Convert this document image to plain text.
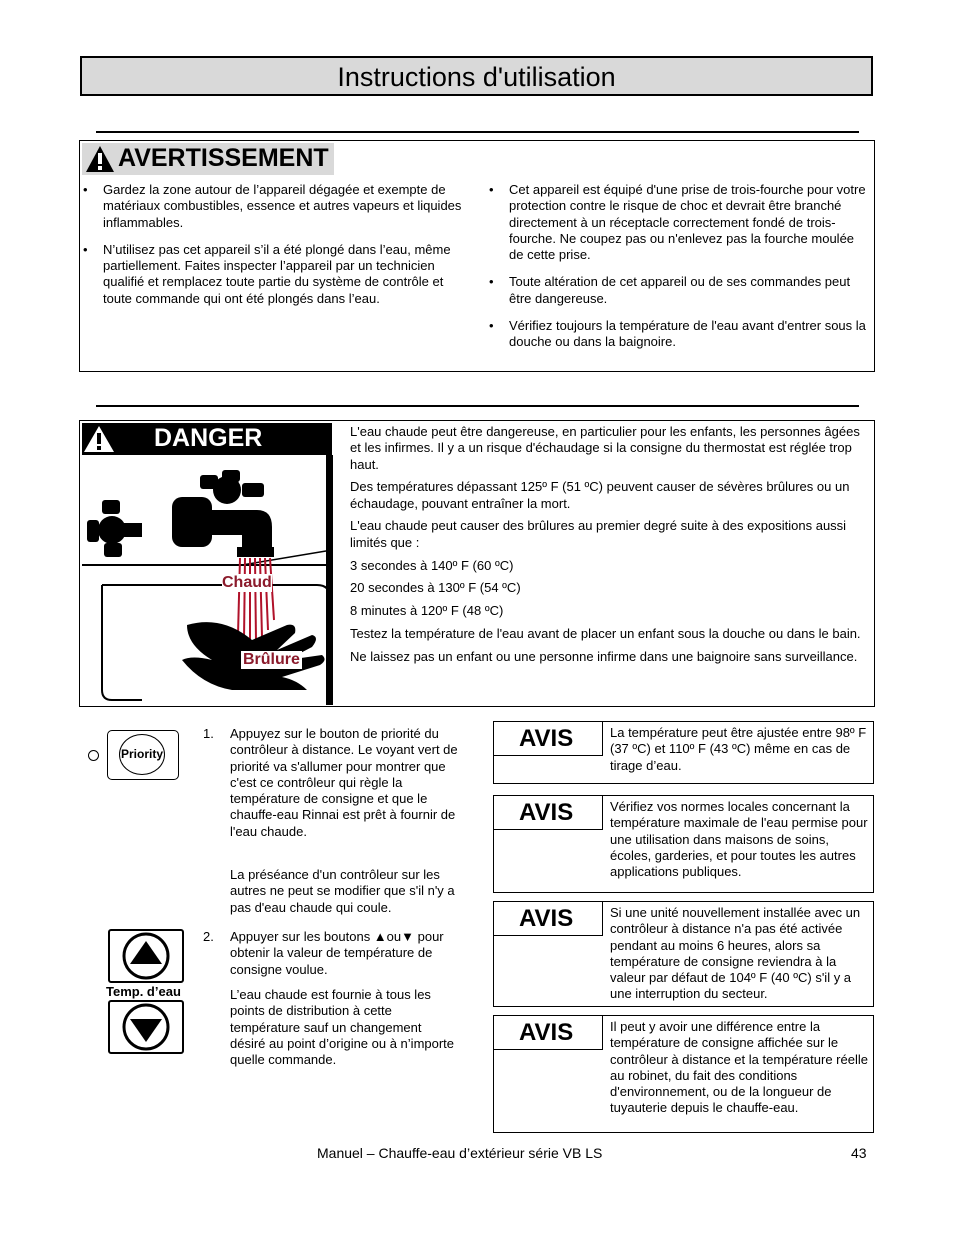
Instructions d'utilisation
AVERTISSEMENT
• Gardez la zone autour de l’appareil dégagée et exempte de matériaux combustibles, essence et autres vapeurs et liquides inflammables.
• N’utilisez pas cet appareil s’il a été plongé dans l’eau, même partiellement. Faites inspecter l’appareil par un technicien qualifié et remplacez toute partie du système de contrôle et toute commande qui ont été plongés dans l’eau.
• Cet appareil est équipé d'une prise de trois-fourche pour votre protection contre le risque de choc et devrait être branché directement à un réceptacle correctement fondé de trois-fourche. Ne coupez pas ou n'enlevez pas la fourche moulée de cette prise.
• Toute altération de cet appareil ou de ses commandes peut être dangereuse.
• Vérifiez toujours la température de l'eau avant d'entrer sous la douche ou dans la baignoire.
DANGER
Chaud
Brûlure

L'eau chaude peut être dangereuse, en particulier pour les enfants, les personnes âgées et les infirmes. Il y a un risque d'échaudage si la consigne du thermostat est réglée trop haut.

Des températures dépassant 125º F (51 ºC) peuvent causer de sévères brûlures ou un échaudage, pouvant entraîner la mort.

L'eau chaude peut causer des brûlures au premier degré suite à des expositions aussi limités que :

3 secondes à 140º F (60 ºC)

20 secondes à 130º F (54 ºC)

8 minutes à 120º F (48 ºC)

Testez la température de l'eau avant de placer un enfant sous la douche ou dans le bain.

Ne laissez pas un enfant ou une personne infirme dans une baignoire sans surveillance.

Priority
Temp. d’eau
1. Appuyez sur le bouton de priorité du contrôleur à distance. Le voyant vert de priorité va s'allumer pour montrer que c'est ce contrôleur qui règle la température de consigne et que le chauffe-eau Rinnai est prêt à fournir de l'eau chaude.
La préséance d'un contrôleur sur les autres ne peut se modifier que s'il n'y a pas d'eau chaude qui coule.
2. Appuyer sur les boutons ▲ou▼ pour obtenir la valeur de température de consigne voulue.
L’eau chaude est fournie à tous les points de distribution à cette température sauf un changement désiré au point d’origine ou à n’importe quelle commande.
AVIS	La température peut être ajustée entre 98º F (37 ºC) et 110º F (43 ºC) même en cas de tirage d’eau.
AVIS	Vérifiez vos normes locales concernant la température maximale de l'eau permise pour une utilisation dans maisons de soins, écoles, garderies, et pour toutes les autres applications publiques.
AVIS	Si une unité nouvellement installée avec un contrôleur à distance n'a pas été activée pendant au moins 6 heures, alors sa température de consigne reviendra à la valeur par défaut de 104º F (40 ºC) s'il y a une interruption du secteur.
AVIS	Il peut y avoir une différence entre la température de consigne affichée sur le contrôleur à distance et la température réelle au robinet, du fait des conditions d'environnement, ou de la longueur de tuyauterie depuis le chauffe-eau.
Manuel – Chauffe-eau d’extérieur série VB LS	43
